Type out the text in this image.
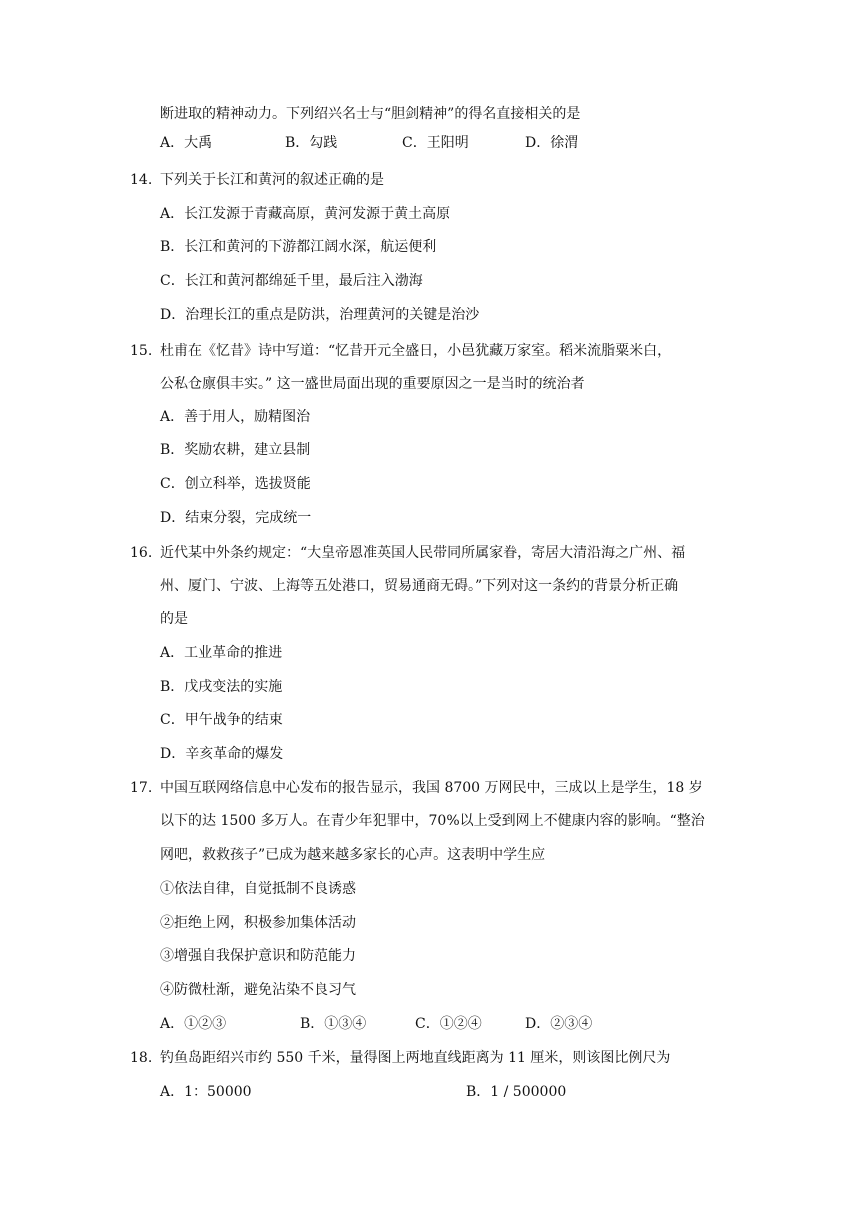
断进取的精神动力。下列绍兴名士与“胆剑精神”的得名直接相关的是
A．大禹	B．勾践	C．王阳明	D．徐渭
14. 下列关于长江和黄河的叙述正确的是
A．长江发源于青藏高原，黄河发源于黄土高原
B．长江和黄河的下游都江阔水深，航运便利
C．长江和黄河都绵延千里，最后注入渤海
D．治理长江的重点是防洪，治理黄河的关键是治沙
15. 杜甫在《忆昔》诗中写道：“忆昔开元全盛日，小邑犹藏万家室。稻米流脂粟米白，
公私仓廪俱丰实。” 这一盛世局面出现的重要原因之一是当时的统治者
A．善于用人，励精图治
B．奖励农耕，建立县制
C．创立科举，选拔贤能
D．结束分裂，完成统一
16. 近代某中外条约规定：“大皇帝恩准英国人民带同所属家眷，寄居大清沿海之广州、福
州、厦门、宁波、上海等五处港口，贸易通商无碍。”下列对这一条约的背景分析正确
的是
A．工业革命的推进
B．戊戌变法的实施
C．甲午战争的结束
D．辛亥革命的爆发
17. 中国互联网络信息中心发布的报告显示，我国 8700 万网民中，三成以上是学生，18 岁
以下的达 1500 多万人。在青少年犯罪中，70%以上受到网上不健康内容的影响。“整治
网吧，救救孩子”已成为越来越多家长的心声。这表明中学生应
①依法自律，自觉抵制不良诱惑
②拒绝上网，积极参加集体活动
③增强自我保护意识和防范能力
④防微杜渐，避免沾染不良习气
A．①②③	B．①③④	C．①②④	D．②③④
18. 钓鱼岛距绍兴市约 550 千米，量得图上两地直线距离为 11 厘米，则该图比例尺为
A．1：50000	B．1 / 500000
